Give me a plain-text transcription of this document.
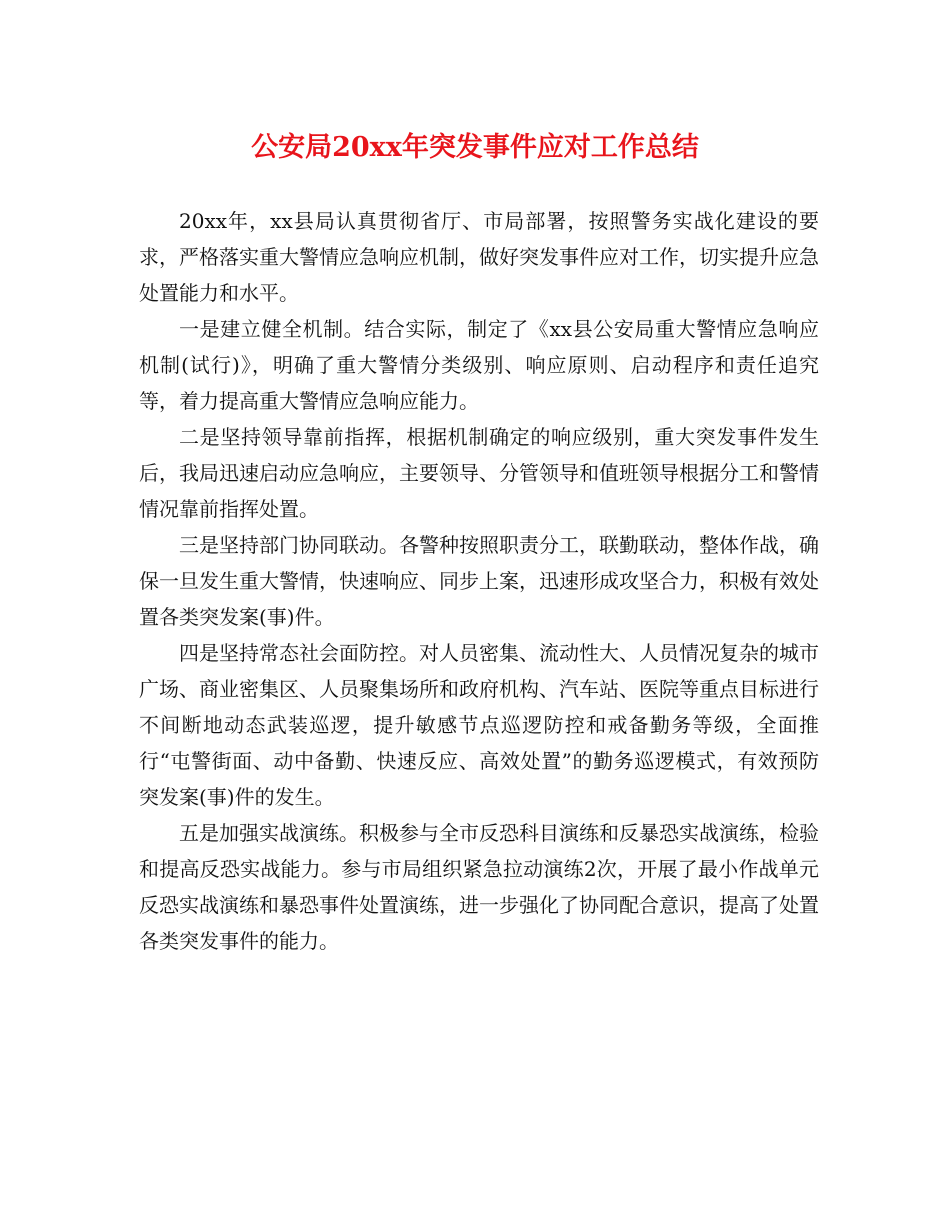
公安局20xx年突发事件应对工作总结

20xx年，xx县局认真贯彻省厅、市局部署，按照警务实战化建设的要求，严格落实重大警情应急响应机制，做好突发事件应对工作，切实提升应急处置能力和水平。

一是建立健全机制。结合实际，制定了《xx县公安局重大警情应急响应机制(试行)》，明确了重大警情分类级别、响应原则、启动程序和责任追究等，着力提高重大警情应急响应能力。

二是坚持领导靠前指挥，根据机制确定的响应级别，重大突发事件发生后，我局迅速启动应急响应，主要领导、分管领导和值班领导根据分工和警情情况靠前指挥处置。

三是坚持部门协同联动。各警种按照职责分工，联勤联动，整体作战，确保一旦发生重大警情，快速响应、同步上案，迅速形成攻坚合力，积极有效处置各类突发案(事)件。

四是坚持常态社会面防控。对人员密集、流动性大、人员情况复杂的城市广场、商业密集区、人员聚集场所和政府机构、汽车站、医院等重点目标进行不间断地动态武装巡逻，提升敏感节点巡逻防控和戒备勤务等级，全面推行“屯警街面、动中备勤、快速反应、高效处置”的勤务巡逻模式，有效预防突发案(事)件的发生。

五是加强实战演练。积极参与全市反恐科目演练和反暴恐实战演练，检验和提高反恐实战能力。参与市局组织紧急拉动演练2次，开展了最小作战单元反恐实战演练和暴恐事件处置演练，进一步强化了协同配合意识，提高了处置各类突发事件的能力。
